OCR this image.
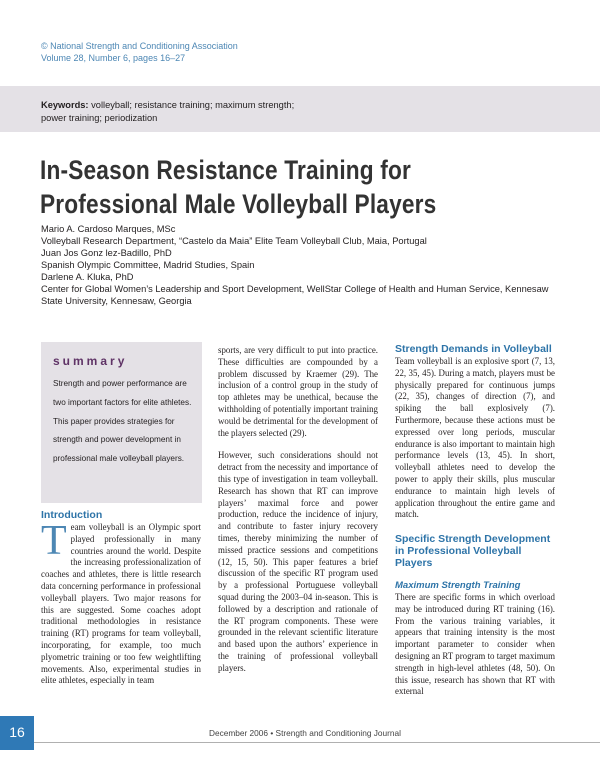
© National Strength and Conditioning Association
Volume 28, Number 6, pages 16–27
Keywords: volleyball; resistance training; maximum strength;
power training; periodization
In-Season Resistance Training for
Professional Male Volleyball Players
Mario A. Cardoso Marques, MSc
Volleyball Research Department, “Castelo da Maia” Elite Team Volleyball Club, Maia, Portugal
Juan Jos Gonz lez-Badillo, PhD
Spanish Olympic Committee, Madrid Studies, Spain
Darlene A. Kluka, PhD
Center for Global Women’s Leadership and Sport Development, WellStar College of Health and Human Service, Kennesaw State University, Kennesaw, Georgia
summary
Strength and power performance are two important factors for elite athletes. This paper provides strategies for strength and power development in professional male volleyball players.
Introduction
Team volleyball is an Olympic sport played professionally in many countries around the world. Despite the increasing professionalization of coaches and athletes, there is little research data concerning performance in professional volleyball players. Two major reasons for this are suggested. Some coaches adopt traditional methodologies in resistance training (RT) programs for team volleyball, incorporating, for example, too much plyometric training or too few weightlifting movements. Also, experimental studies in elite athletes, especially in team

sports, are very difficult to put into practice. These difficulties are compounded by a problem discussed by Kraemer (29). The inclusion of a control group in the study of top athletes may be unethical, because the withholding of potentially important training would be detrimental for the development of the players selected (29).

However, such considerations should not detract from the necessity and importance of this type of investigation in team volleyball. Research has shown that RT can improve players’ maximal force and power production, reduce the incidence of injury, and contribute to faster injury recovery times, thereby minimizing the number of missed practice sessions and competitions (12, 15, 50). This paper features a brief discussion of the specific RT program used by a professional Portuguese volleyball squad during the 2003–04 in-season. This is followed by a description and rationale of the RT program components. These were grounded in the relevant scientific literature and based upon the authors’ experience in the training of professional volleyball players.

Strength Demands in Volleyball

Team volleyball is an explosive sport (7, 13, 22, 35, 45). During a match, players must be physically prepared for continuous jumps (22, 35), changes of direction (7), and spiking the ball explosively (7). Furthermore, because these actions must be expressed over long periods, muscular endurance is also important to maintain high performance levels (13, 45). In short, volleyball athletes need to develop the power to apply their skills, plus muscular endurance to maintain high levels of application throughout the entire game and match.

Specific Strength Development in Professional Volleyball Players
Maximum Strength Training

There are specific forms in which overload may be introduced during RT training (16). From the various training variables, it appears that training intensity is the most important parameter to consider when designing an RT program to target maximum strength in high-level athletes (48, 50). On this issue, research has shown that RT with external

16	December 2006 • Strength and Conditioning Journal
